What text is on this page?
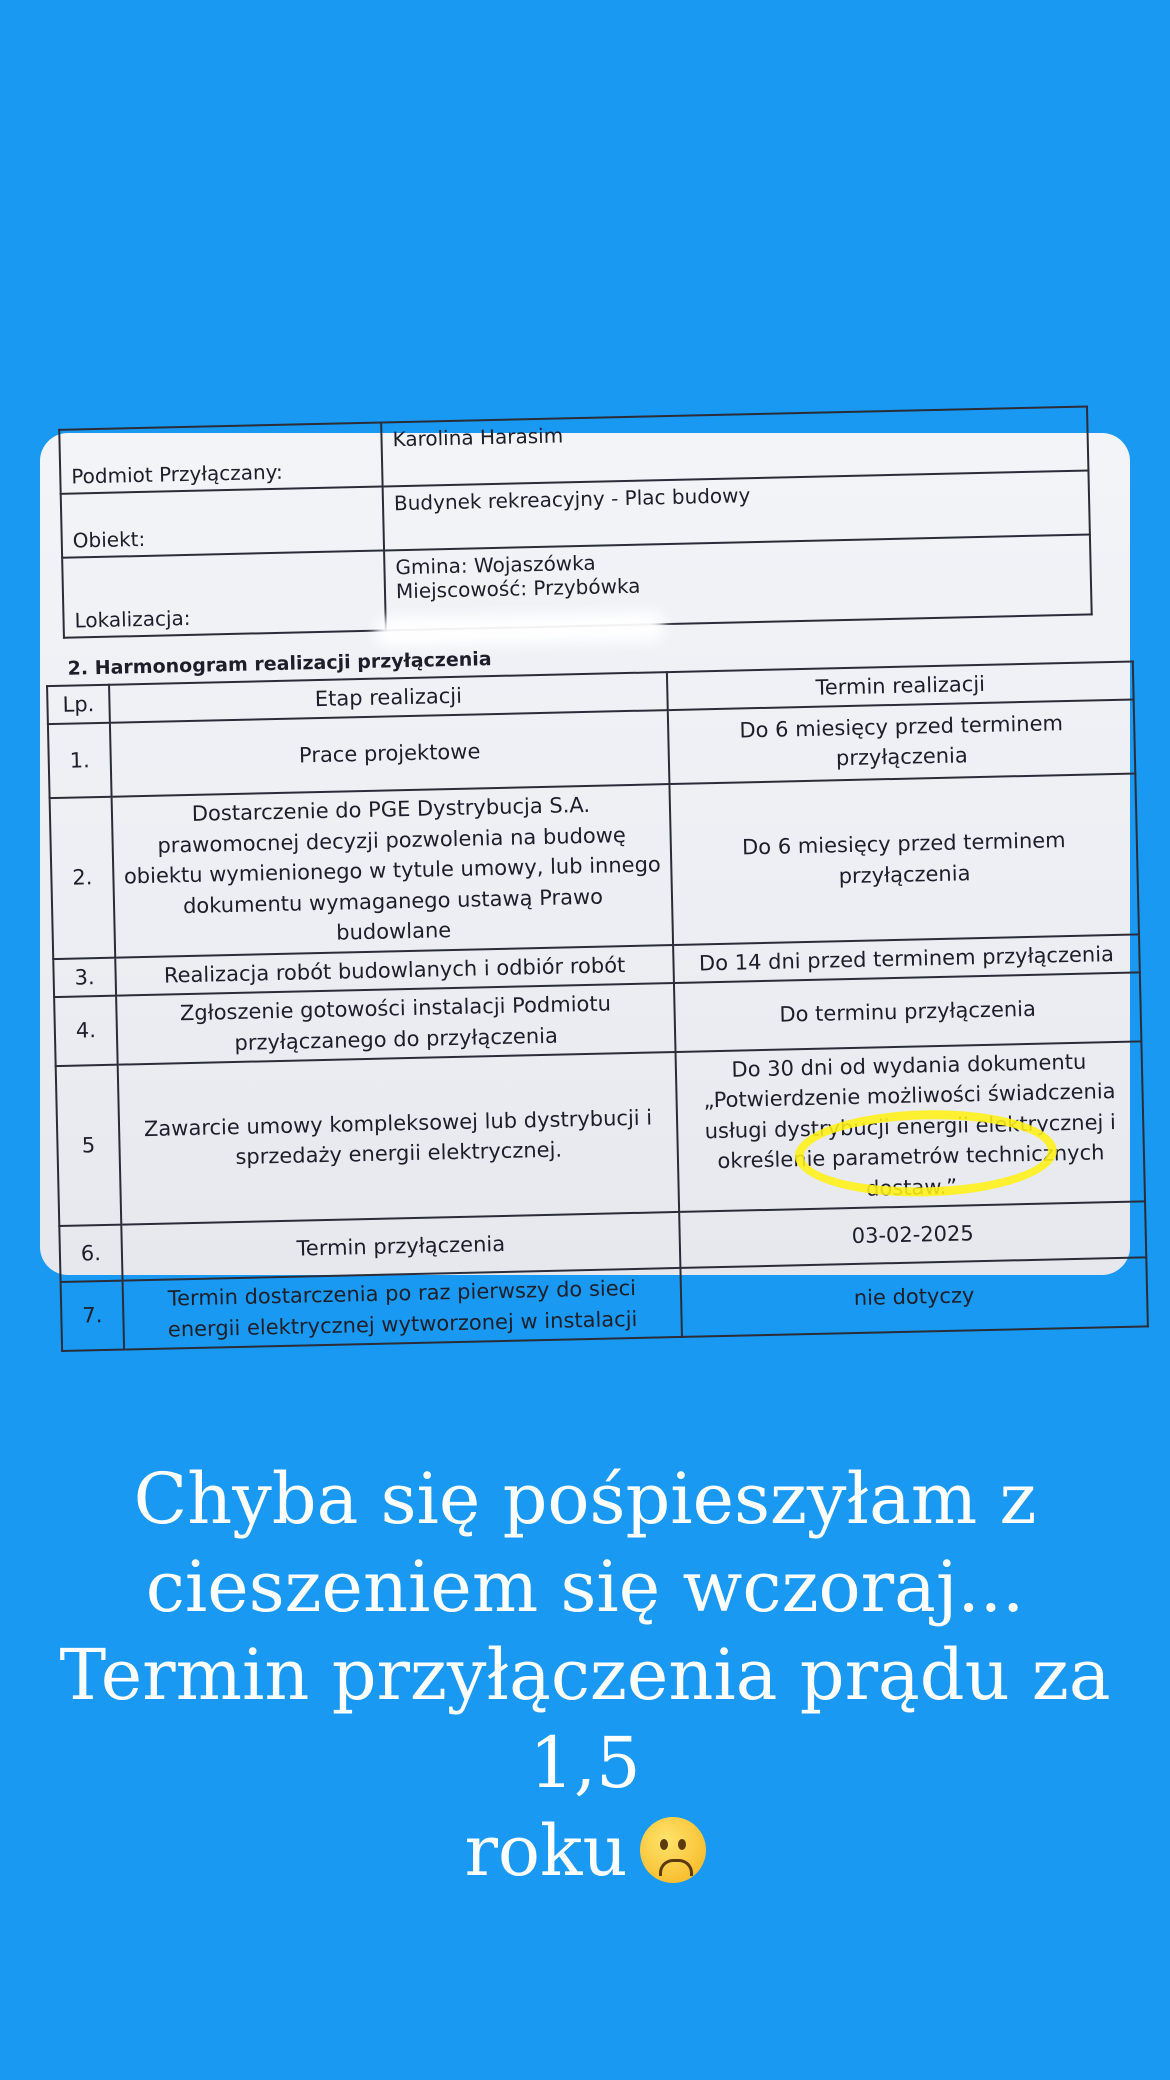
Podmiot Przyłączany:	Karolina Harasim
Obiekt:	Budynek rekreacyjny - Plac budowy
Lokalizacja:	Gmina: Wojaszówka
Miejscowość: Przybówka
2. Harmonogram realizacji przyłączenia
Lp.	Etap realizacji	Termin realizacji
1.	Prace projektowe	Do 6 miesięcy przed terminem przyłączenia
2.	Dostarczenie do PGE Dystrybucja S.A. prawomocnej decyzji pozwolenia na budowę obiektu wymienionego w tytule umowy, lub innego dokumentu wymaganego ustawą Prawo budowlane	Do 6 miesięcy przed terminem przyłączenia
3.	Realizacja robót budowlanych i odbiór robót	Do 14 dni przed terminem przyłączenia
4.	Zgłoszenie gotowości instalacji Podmiotu przyłączanego do przyłączenia	Do terminu przyłączenia
5	Zawarcie umowy kompleksowej lub dystrybucji i sprzedaży energii elektrycznej.	Do 30 dni od wydania dokumentu „Potwierdzenie możliwości świadczenia usługi dystrybucji energii elektrycznej i określenie parametrów technicznych dostaw.”
6.	Termin przyłączenia	03-02-2025
7.	Termin dostarczenia po raz pierwszy do sieci energii elektrycznej wytworzonej w instalacji	nie dotyczy
Chyba się pośpieszyłam z
cieszeniem się wczoraj...
Termin przyłączenia prądu za 1,5
roku
